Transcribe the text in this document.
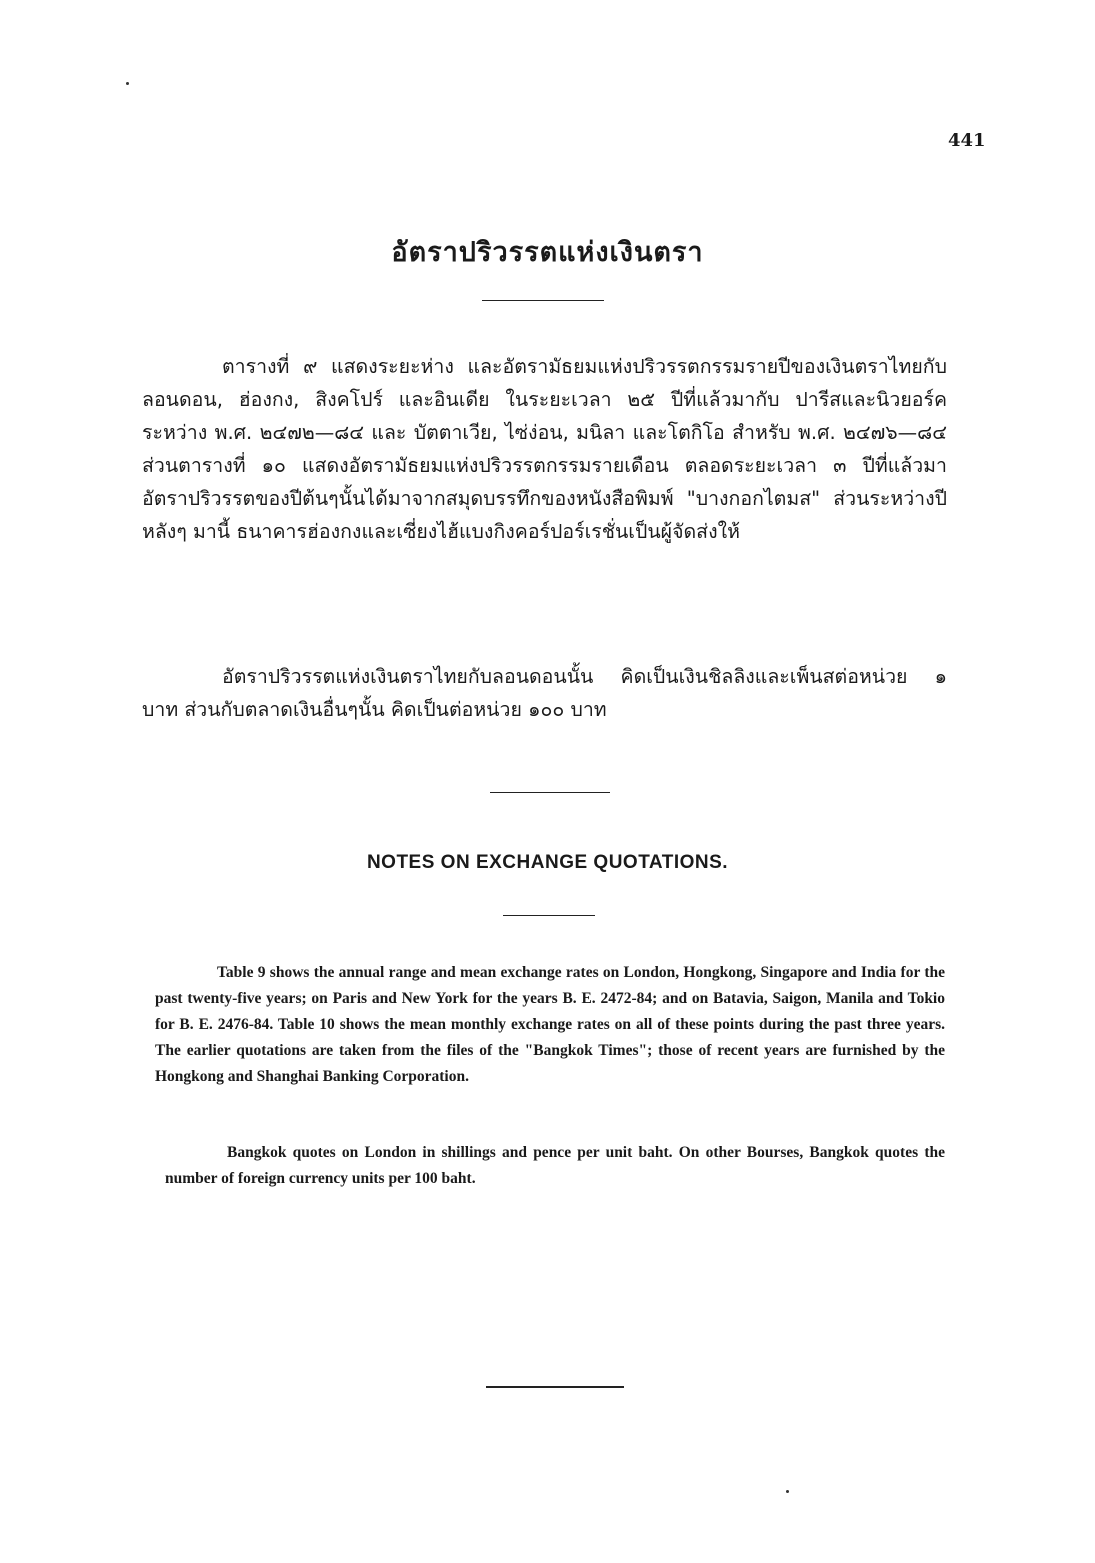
441
อัตราปริวรรตแห่งเงินตรา

ตารางที่ ๙ แสดงระยะห่าง และอัตรามัธยมแห่งปริวรรตกรรมรายปีของเงินตราไทยกับลอนดอน, ฮ่องกง, สิงคโปร์ และอินเดีย ในระยะเวลา ๒๕ ปีที่แล้วมากับ ปารีสและนิวยอร์ค ระหว่าง พ.ศ. ๒๔๗๒—๘๔ และ บัตตาเวีย, ไซ่ง่อน, มนิลา และโตกิโอ สำหรับ พ.ศ. ๒๔๗๖—๘๔ ส่วนตารางที่ ๑๐ แสดงอัตรามัธยมแห่งปริวรรตกรรมรายเดือน ตลอดระยะเวลา ๓ ปีที่แล้วมา อัตราปริวรรตของปีต้นๆนั้นได้มาจากสมุดบรรทึกของหนังสือพิมพ์ "บางกอกไตมส" ส่วนระหว่างปีหลังๆ มานี้ ธนาคารฮ่องกงและเซี่ยงไฮ้แบงกิงคอร์ปอร์เรชั่นเป็นผู้จัดส่งให้

อัตราปริวรรตแห่งเงินตราไทยกับลอนดอนนั้น คิดเป็นเงินชิลลิงและเพ็นสต่อหน่วย ๑ บาท ส่วนกับตลาดเงินอื่นๆนั้น คิดเป็นต่อหน่วย ๑๐๐ บาท

NOTES ON EXCHANGE QUOTATIONS.

Table 9 shows the annual range and mean exchange rates on London, Hongkong, Singapore and India for the past twenty-five years; on Paris and New York for the years B. E. 2472-84; and on Batavia, Saigon, Manila and Tokio for B. E. 2476-84. Table 10 shows the mean monthly exchange rates on all of these points during the past three years. The earlier quotations are taken from the files of the "Bangkok Times"; those of recent years are furnished by the Hongkong and Shanghai Banking Corporation.

Bangkok quotes on London in shillings and pence per unit baht. On other Bourses, Bangkok quotes the number of foreign currency units per 100 baht.
